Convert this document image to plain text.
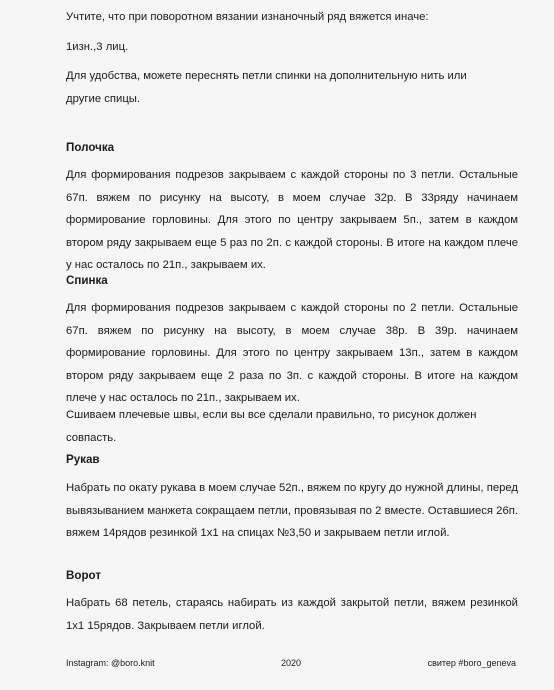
Учтите, что при поворотном вязании изнаночный ряд вяжется иначе:

1изн.,3 лиц.

Для удобства, можете переснять петли спинки на дополнительную нить или другие спицы.

Полочка

Для формирования подрезов закрываем с каждой стороны по 3 петли. Остальные 67п. вяжем по рисунку на высоту, в моем случае 32р. В 33ряду начинаем формирование горловины. Для этого по центру закрываем 5п., затем в каждом втором ряду закрываем еще 5 раз по 2п. с каждой стороны. В итоге на каждом плече у нас осталось по 21п., закрываем их.

Спинка

Для формирования подрезов закрываем с каждой стороны по 2 петли. Остальные 67п. вяжем по рисунку на высоту, в моем случае 38р. В 39р. начинаем формирование горловины. Для этого по центру закрываем 13п., затем в каждом втором ряду закрываем еще 2 раза по 3п. с каждой стороны. В итоге на каждом плече у нас осталось по 21п., закрываем их.

Сшиваем плечевые швы, если вы все сделали правильно, то рисунок должен совпасть.

Рукав

Набрать по окату рукава в моем случае 52п., вяжем по кругу до нужной длины, перед вывязыванием манжета сокращаем петли, провязывая по 2 вместе. Оставшиеся 26п. вяжем 14рядов резинкой 1х1 на спицах №3,50 и закрываем петли иглой.

Ворот

Набрать 68 петель, стараясь набирать из каждой закрытой петли, вяжем резинкой 1х1 15рядов. Закрываем петли иглой.

Instagram: @boro.knit	2020	свитер #boro_geneva
